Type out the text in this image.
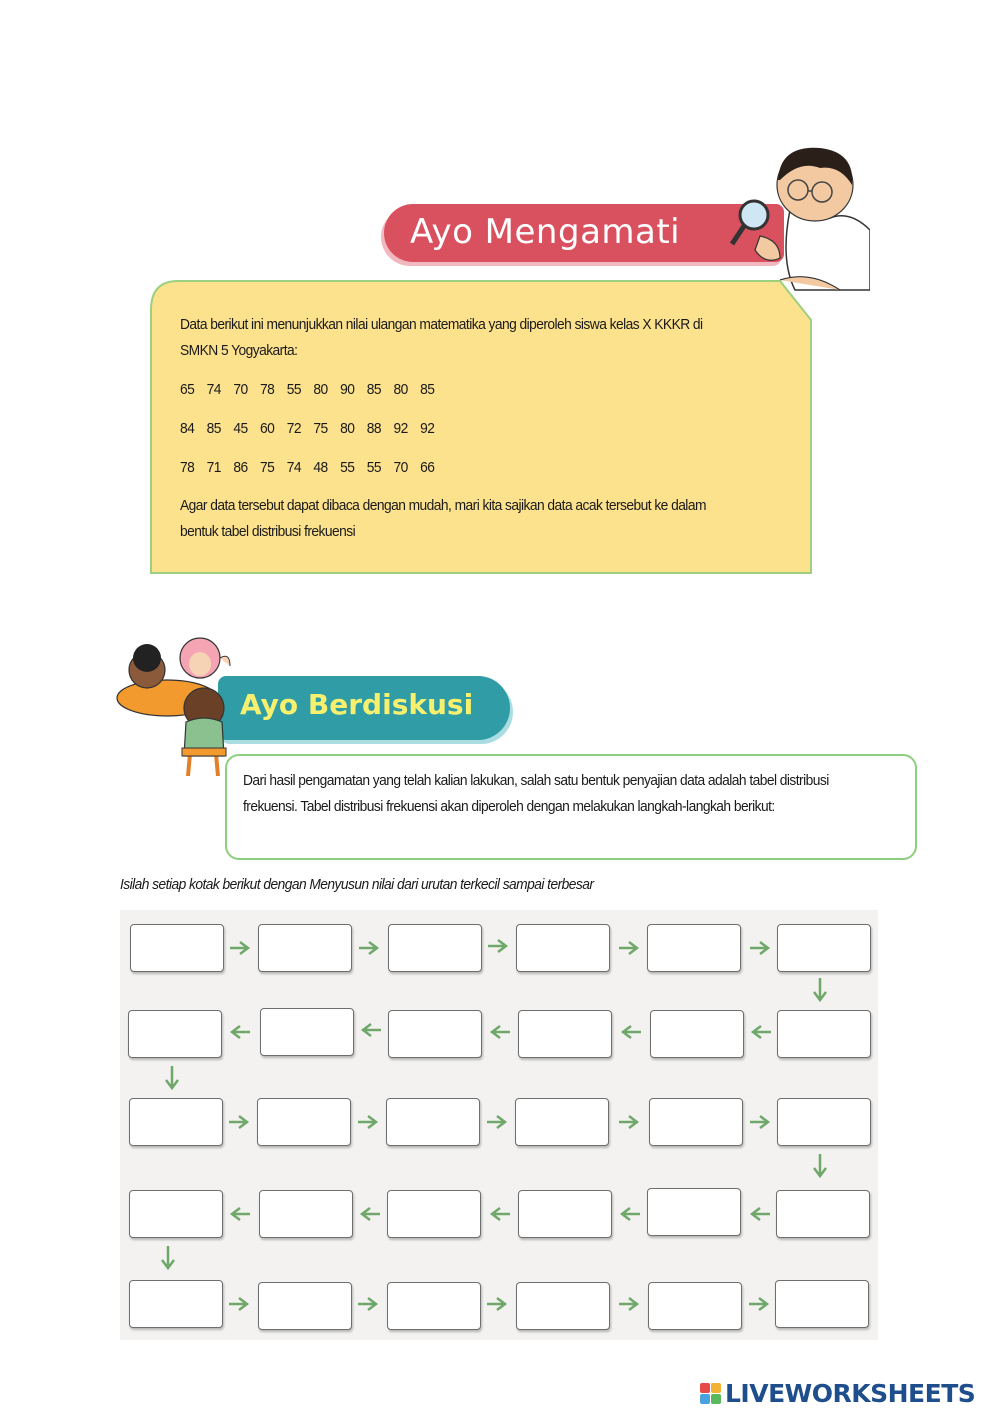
Ayo Mengamati

Data berikut ini menunjukkan nilai ulangan matematika yang diperoleh siswa kelas X KKKR di SMKN 5 Yogyakarta:

65 74 70 78 55 80 90 85 80 85
84 85 45 60 72 75 80 88 92 92
78 71 86 75 74 48 55 55 70 66

Agar data tersebut dapat dibaca dengan mudah, mari kita sajikan data acak tersebut ke dalam bentuk tabel distribusi frekuensi

Ayo Berdiskusi

Dari hasil pengamatan yang telah kalian lakukan, salah satu bentuk penyajian data adalah tabel distribusi frekuensi. Tabel distribusi frekuensi akan diperoleh dengan melakukan langkah-langkah berikut:

Isilah setiap kotak berikut dengan Menyusun nilai dari urutan terkecil sampai terbesar

LIVEWORKSHEETS
